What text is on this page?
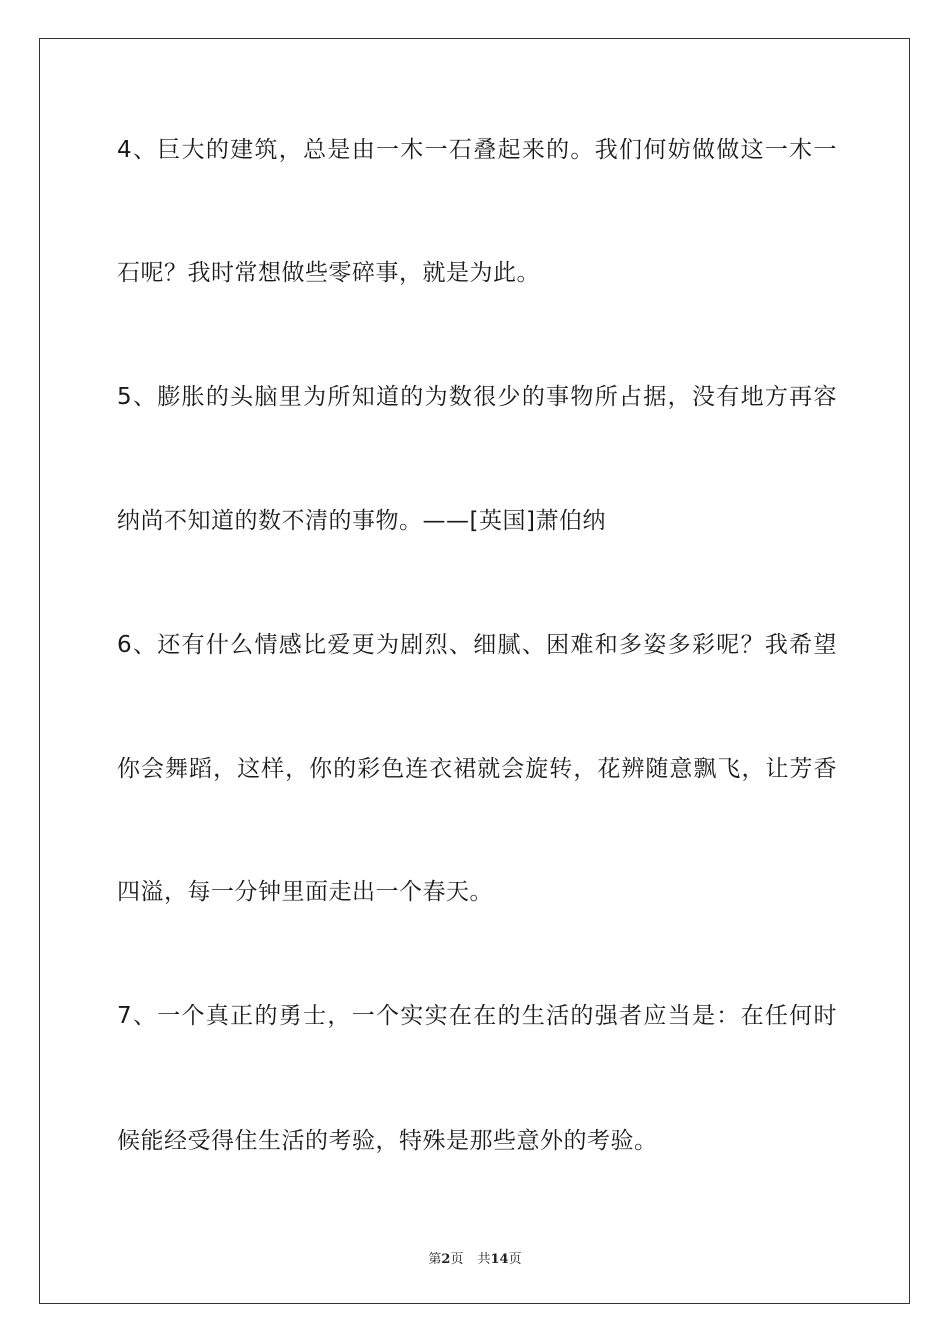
4、巨大的建筑，总是由一木一石叠起来的。我们何妨做做这一木一
石呢？我时常想做些零碎事，就是为此。
5、膨胀的头脑里为所知道的为数很少的事物所占据，没有地方再容
纳尚不知道的数不清的事物。——[英国]萧伯纳
6、还有什么情感比爱更为剧烈、细腻、困难和多姿多彩呢？我希望
你会舞蹈，这样，你的彩色连衣裙就会旋转，花辨随意飘飞，让芳香
四溢，每一分钟里面走出一个春天。
7、一个真正的勇士，一个实实在在的生活的强者应当是：在任何时
候能经受得住生活的考验，特殊是那些意外的考验。
第2页 共14页
